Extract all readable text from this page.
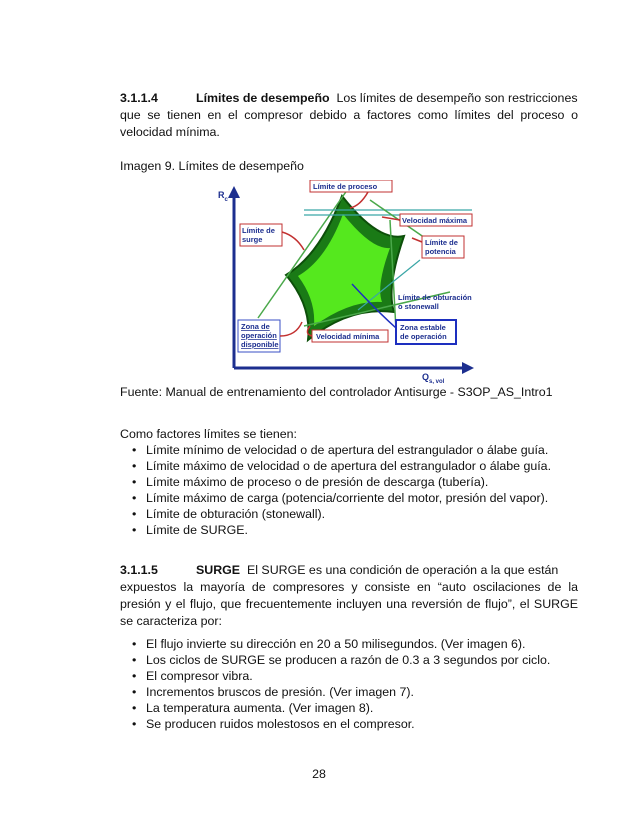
3.1.1.4	Límites de desempeño Los límites de desempeño son restricciones

que se tienen en el compresor debido a factores como límites del proceso o

velocidad mínima.

Imagen 9. Límites de desempeño

$R_c$
$Q_{s, vol}$
Límite de proceso
Velocidad máxima
Límite de
surge	Límite de
potencia
Límite de obturación
o stonewall
Zona de
operación
disponible
Velocidad mínima
Zona estable
de operación

Fuente: Manual de entrenamiento del controlador Antisurge - S3OP_AS_Intro1

Como factores límites se tienen:

• Límite mínimo de velocidad o de apertura del estrangulador o álabe guía.
• Límite máximo de velocidad o de apertura del estrangulador o álabe guía.
• Límite máximo de proceso o de presión de descarga (tubería).
• Límite máximo de carga (potencia/corriente del motor, presión del vapor).
• Límite de obturación (stonewall).
• Límite de SURGE.

3.1.1.5	SURGE El SURGE es una condición de operación a la que están

expuestos la mayoría de compresores y consiste en “auto oscilaciones de la

presión y el flujo, que frecuentemente incluyen una reversión de flujo”, el SURGE

se caracteriza por:

• El flujo invierte su dirección en 20 a 50 milisegundos. (Ver imagen 6).
• Los ciclos de SURGE se producen a razón de 0.3 a 3 segundos por ciclo.
• El compresor vibra.
• Incrementos bruscos de presión. (Ver imagen 7).
• La temperatura aumenta. (Ver imagen 8).
• Se producen ruidos molestosos en el compresor.
28
